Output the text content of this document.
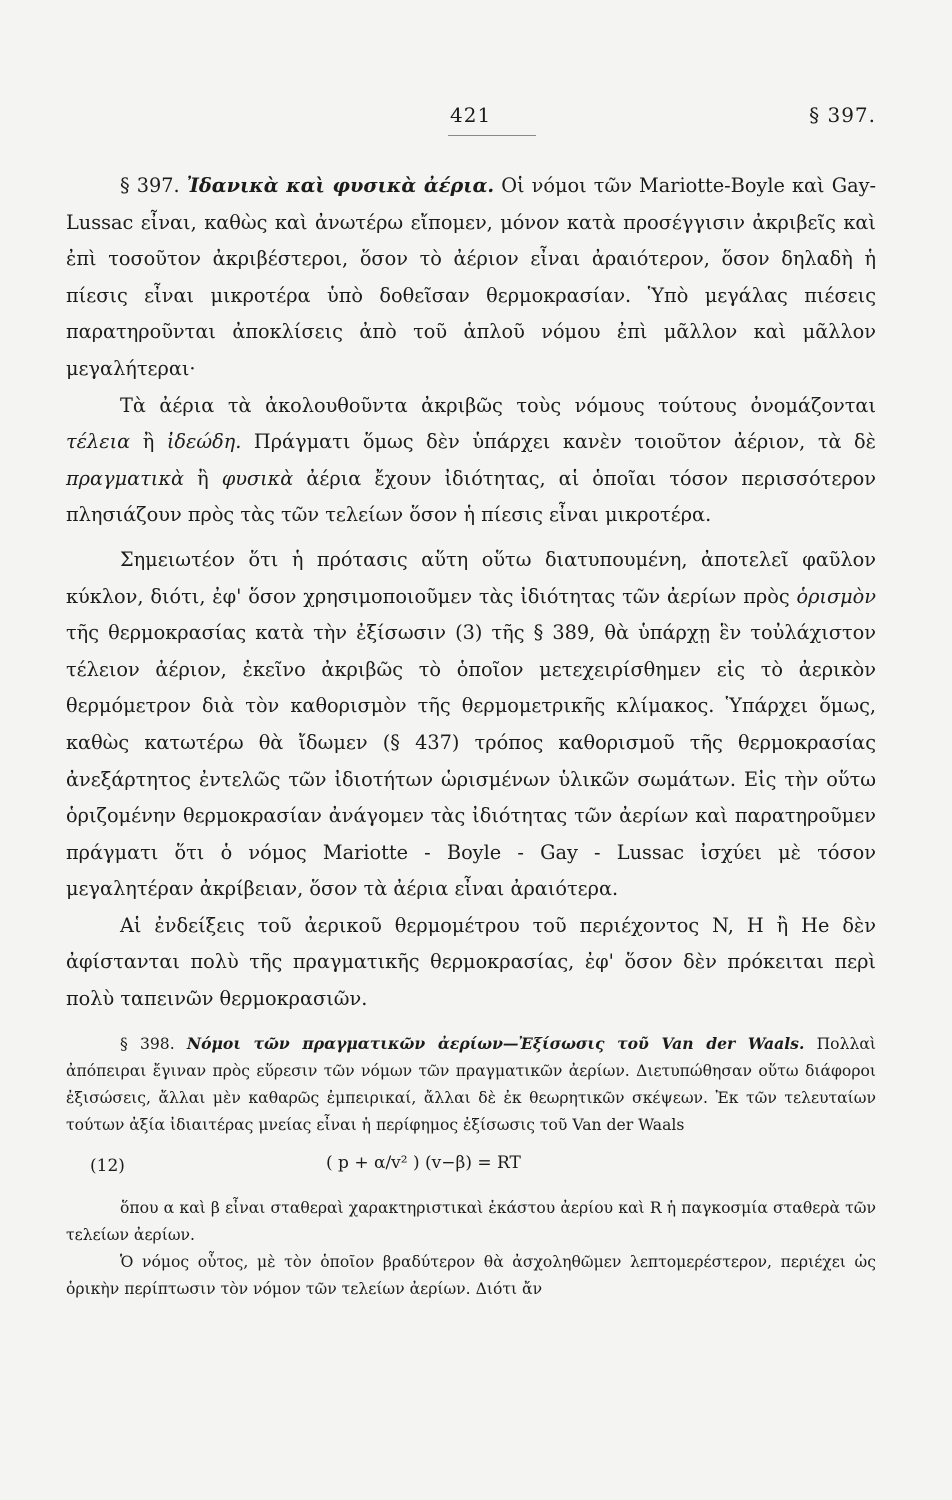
421	§ 397.

§ 397. Ἰδανικὰ καὶ φυσικὰ ἀέρια. Οἱ νόμοι τῶν Mariotte-Boyle καὶ Gay-Lussac εἶναι, καθὼς καὶ ἀνωτέρω εἴπομεν, μόνον κατὰ προσέγγισιν ἀκριβεῖς καὶ ἐπὶ τοσοῦτον ἀκριβέστεροι, ὅσον τὸ ἀέριον εἶναι ἀραιότερον, ὅσον δηλαδὴ ἡ πίεσις εἶναι μικροτέρα ὑπὸ δοθεῖσαν θερμοκρασίαν. Ὑπὸ μεγάλας πιέσεις παρατηροῦνται ἀποκλίσεις ἀπὸ τοῦ ἁπλοῦ νόμου ἐπὶ μᾶλλον καὶ μᾶλλον μεγαλήτεραι·

Τὰ ἀέρια τὰ ἀκολουθοῦντα ἀκριβῶς τοὺς νόμους τούτους ὀνομάζονται τέλεια ἢ ἰδεώδη. Πράγματι ὅμως δὲν ὑπάρχει κανὲν τοιοῦτον ἀέριον, τὰ δὲ πραγματικὰ ἢ φυσικὰ ἀέρια ἔχουν ἰδιότητας, αἱ ὁποῖαι τόσον περισσότερον πλησιάζουν πρὸς τὰς τῶν τελείων ὅσον ἡ πίεσις εἶναι μικροτέρα.

Σημειωτέον ὅτι ἡ πρότασις αὕτη οὕτω διατυπουμένη, ἀποτελεῖ φαῦλον κύκλον, διότι, ἐφ' ὅσον χρησιμοποιοῦμεν τὰς ἰδιότητας τῶν ἀερίων πρὸς ὁρισμὸν τῆς θερμοκρασίας κατὰ τὴν ἐξίσωσιν (3) τῆς § 389, θὰ ὑπάρχῃ ἓν τοὐλάχιστον τέλειον ἀέριον, ἐκεῖνο ἀκριβῶς τὸ ὁποῖον μετεχειρίσθημεν εἰς τὸ ἀερικὸν θερμόμετρον διὰ τὸν καθορισμὸν τῆς θερμομετρικῆς κλίμακος. Ὑπάρχει ὅμως, καθὼς κατωτέρω θὰ ἴδωμεν (§ 437) τρόπος καθορισμοῦ τῆς θερμοκρασίας ἀνεξάρτητος ἐντελῶς τῶν ἰδιοτήτων ὡρισμένων ὑλικῶν σωμάτων. Εἰς τὴν οὕτω ὁριζομένην θερμοκρασίαν ἀνάγομεν τὰς ἰδιότητας τῶν ἀερίων καὶ παρατηροῦμεν πράγματι ὅτι ὁ νόμος Mariotte - Boyle - Gay - Lussac ἰσχύει μὲ τόσον μεγαλητέραν ἀκρίβειαν, ὅσον τὰ ἀέρια εἶναι ἀραιότερα.

Αἱ ἐνδείξεις τοῦ ἀερικοῦ θερμομέτρου τοῦ περιέχοντος N, H ἢ He δὲν ἀφίστανται πολὺ τῆς πραγματικῆς θερμοκρασίας, ἐφ' ὅσον δὲν πρόκειται περὶ πολὺ ταπεινῶν θερμοκρασιῶν.

§ 398. Νόμοι τῶν πραγματικῶν ἀερίων—Ἐξίσωσις τοῦ Van der Waals. Πολλαὶ ἀπόπειραι ἔγιναν πρὸς εὕρεσιν τῶν νόμων τῶν πραγματικῶν ἀερίων. Διετυπώθησαν οὕτω διάφοροι ἐξισώσεις, ἄλλαι μὲν καθαρῶς ἐμπειρικαί, ἄλλαι δὲ ἐκ θεωρητικῶν σκέψεων. Ἐκ τῶν τελευταίων τούτων ἀξία ἰδιαιτέρας μνείας εἶναι ἡ περίφημος ἐξίσωσις τοῦ Van der Waals

(12)	( p + α/v² ) (v−β) = RT

ὅπου α καὶ β εἶναι σταθεραὶ χαρακτηριστικαὶ ἑκάστου ἀερίου καὶ R ἡ παγκοσμία σταθερὰ τῶν τελείων ἀερίων.

Ὁ νόμος οὗτος, μὲ τὸν ὁποῖον βραδύτερον θὰ ἀσχοληθῶμεν λεπτομερέστερον, περιέχει ὡς ὁρικὴν περίπτωσιν τὸν νόμον τῶν τελείων ἀερίων. Διότι ἄν
